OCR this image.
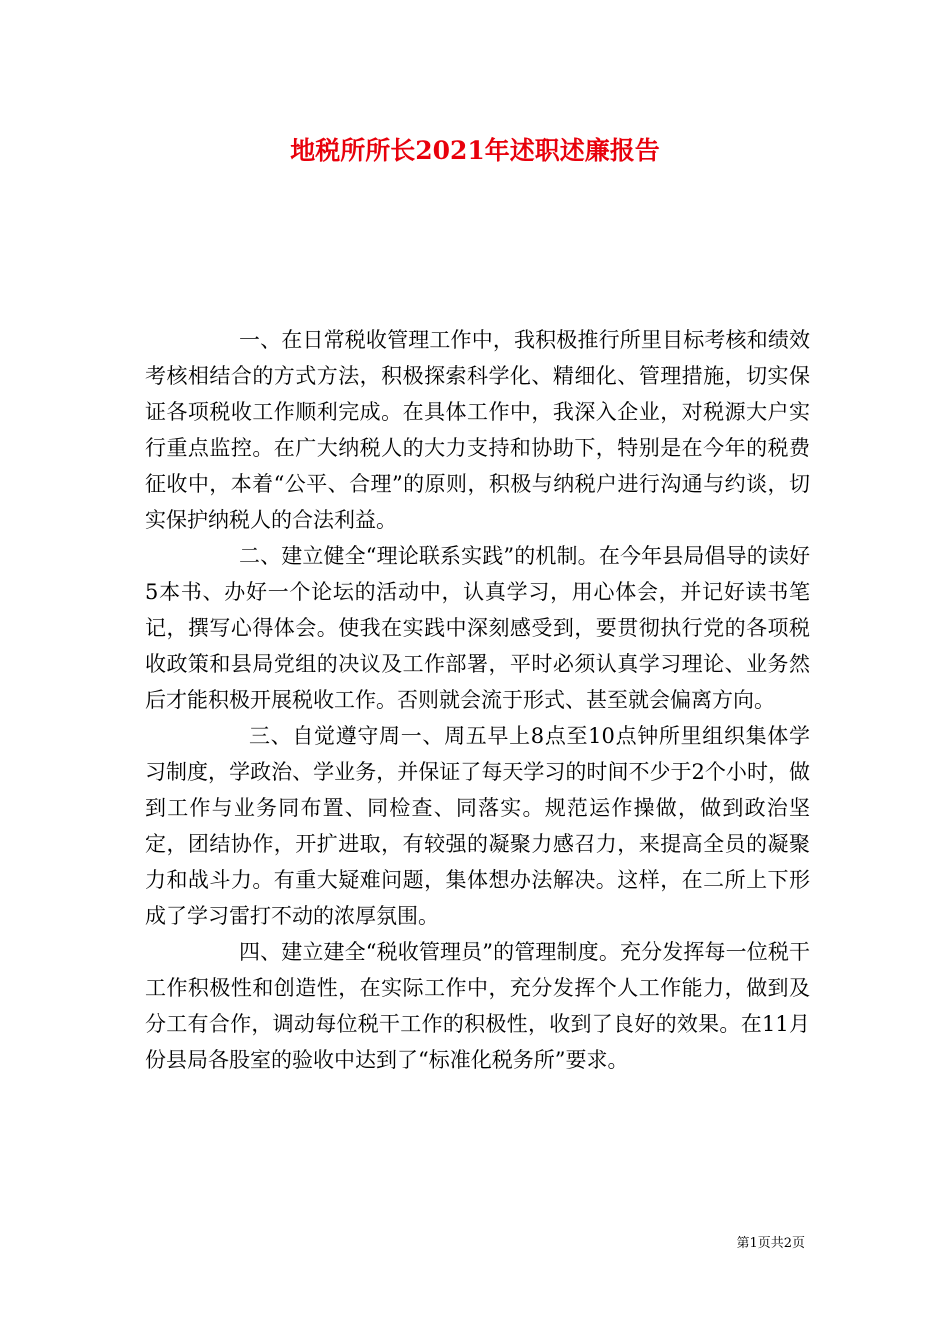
地税所所长2021年述职述廉报告

一、在日常税收管理工作中，我积极推行所里目标考核和绩效考核相结合的方式方法，积极探索科学化、精细化、管理措施，切实保证各项税收工作顺利完成。在具体工作中，我深入企业，对税源大户实行重点监控。在广大纳税人的大力支持和协助下，特别是在今年的税费征收中，本着“公平、合理”的原则，积极与纳税户进行沟通与约谈，切实保护纳税人的合法利益。

二、建立健全“理论联系实践”的机制。在今年县局倡导的读好5本书、办好一个论坛的活动中，认真学习，用心体会，并记好读书笔记，撰写心得体会。使我在实践中深刻感受到，要贯彻执行党的各项税收政策和县局党组的决议及工作部署，平时必须认真学习理论、业务然后才能积极开展税收工作。否则就会流于形式、甚至就会偏离方向。

三、自觉遵守周一、周五早上8点至10点钟所里组织集体学习制度，学政治、学业务，并保证了每天学习的时间不少于2个小时，做到工作与业务同布置、同检查、同落实。规范运作操做，做到政治坚定，团结协作，开扩进取，有较强的凝聚力感召力，来提高全员的凝聚力和战斗力。有重大疑难问题，集体想办法解决。这样，在二所上下形成了学习雷打不动的浓厚氛围。

四、建立建全“税收管理员”的管理制度。充分发挥每一位税干工作积极性和创造性，在实际工作中，充分发挥个人工作能力，做到及分工有合作，调动每位税干工作的积极性，收到了良好的效果。在11月份县局各股室的验收中达到了“标准化税务所”要求。

第1页共2页
